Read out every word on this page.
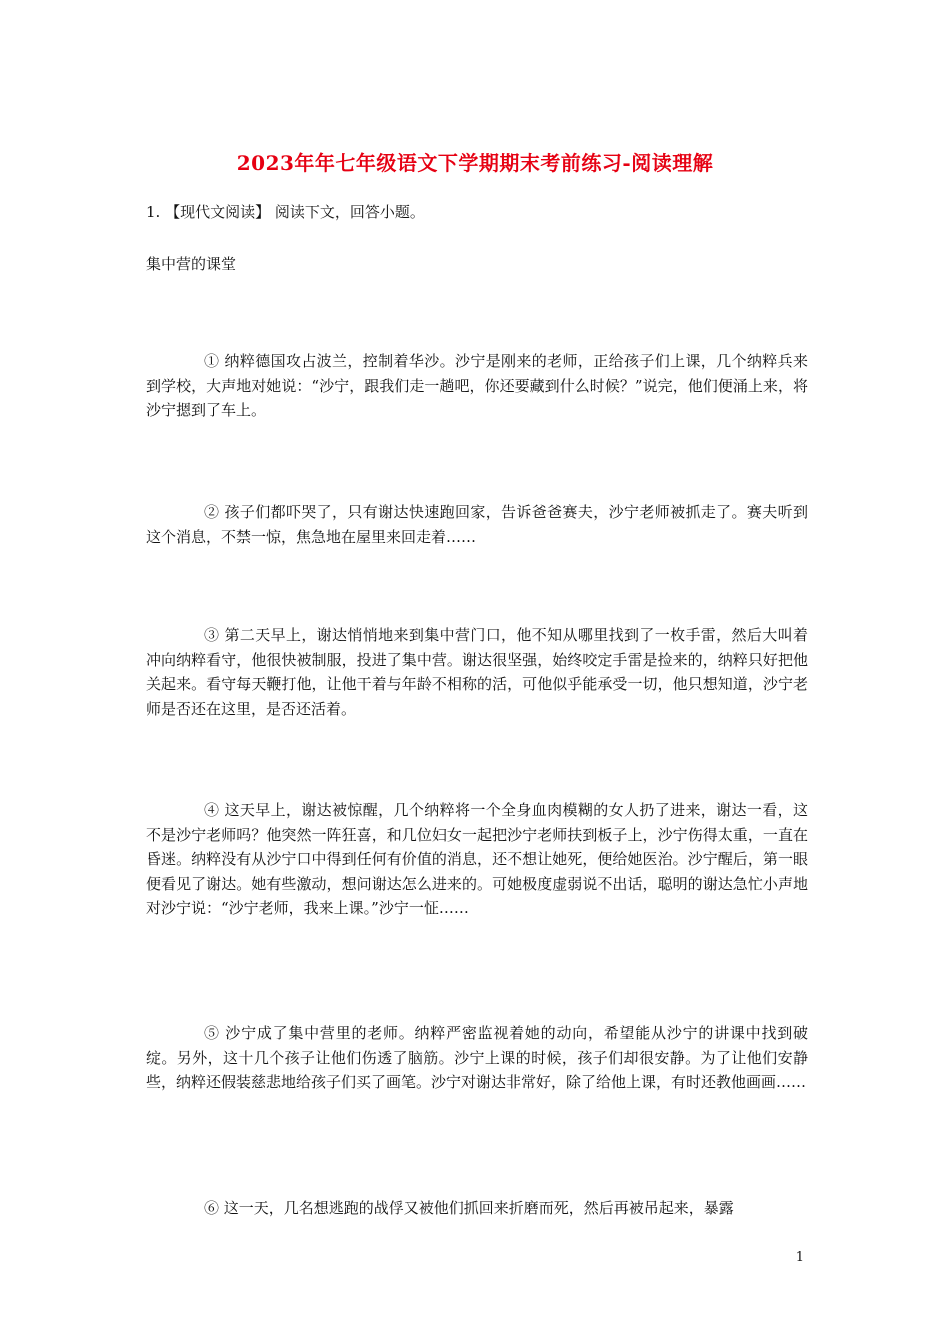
2023年年七年级语文下学期期末考前练习-阅读理解

1. 【现代文阅读】 阅读下文，回答小题。

集中营的课堂

① 纳粹德国攻占波兰，控制着华沙。沙宁是刚来的老师，正给孩子们上课，几个纳粹兵来到学校，大声地对她说：“沙宁，跟我们走一趟吧，你还要藏到什么时候？”说完，他们便涌上来，将沙宁摁到了车上。

② 孩子们都吓哭了，只有谢达快速跑回家，告诉爸爸赛夫，沙宁老师被抓走了。赛夫听到这个消息，不禁一惊，焦急地在屋里来回走着……

③ 第二天早上，谢达悄悄地来到集中营门口，他不知从哪里找到了一枚手雷，然后大叫着冲向纳粹看守，他很快被制服，投进了集中营。谢达很坚强，始终咬定手雷是捡来的，纳粹只好把他关起来。看守每天鞭打他，让他干着与年龄不相称的活，可他似乎能承受一切，他只想知道，沙宁老师是否还在这里，是否还活着。

④ 这天早上，谢达被惊醒，几个纳粹将一个全身血肉模糊的女人扔了进来，谢达一看，这不是沙宁老师吗？他突然一阵狂喜，和几位妇女一起把沙宁老师扶到板子上，沙宁伤得太重，一直在昏迷。纳粹没有从沙宁口中得到任何有价值的消息，还不想让她死，便给她医治。沙宁醒后，第一眼便看见了谢达。她有些激动，想问谢达怎么进来的。可她极度虚弱说不出话，聪明的谢达急忙小声地对沙宁说：“沙宁老师，我来上课。”沙宁一怔……

⑤ 沙宁成了集中营里的老师。纳粹严密监视着她的动向，希望能从沙宁的讲课中找到破绽。另外，这十几个孩子让他们伤透了脑筋。沙宁上课的时候，孩子们却很安静。为了让他们安静些，纳粹还假装慈悲地给孩子们买了画笔。沙宁对谢达非常好，除了给他上课，有时还教他画画……

⑥ 这一天，几名想逃跑的战俘又被他们抓回来折磨而死，然后再被吊起来，暴露

1
